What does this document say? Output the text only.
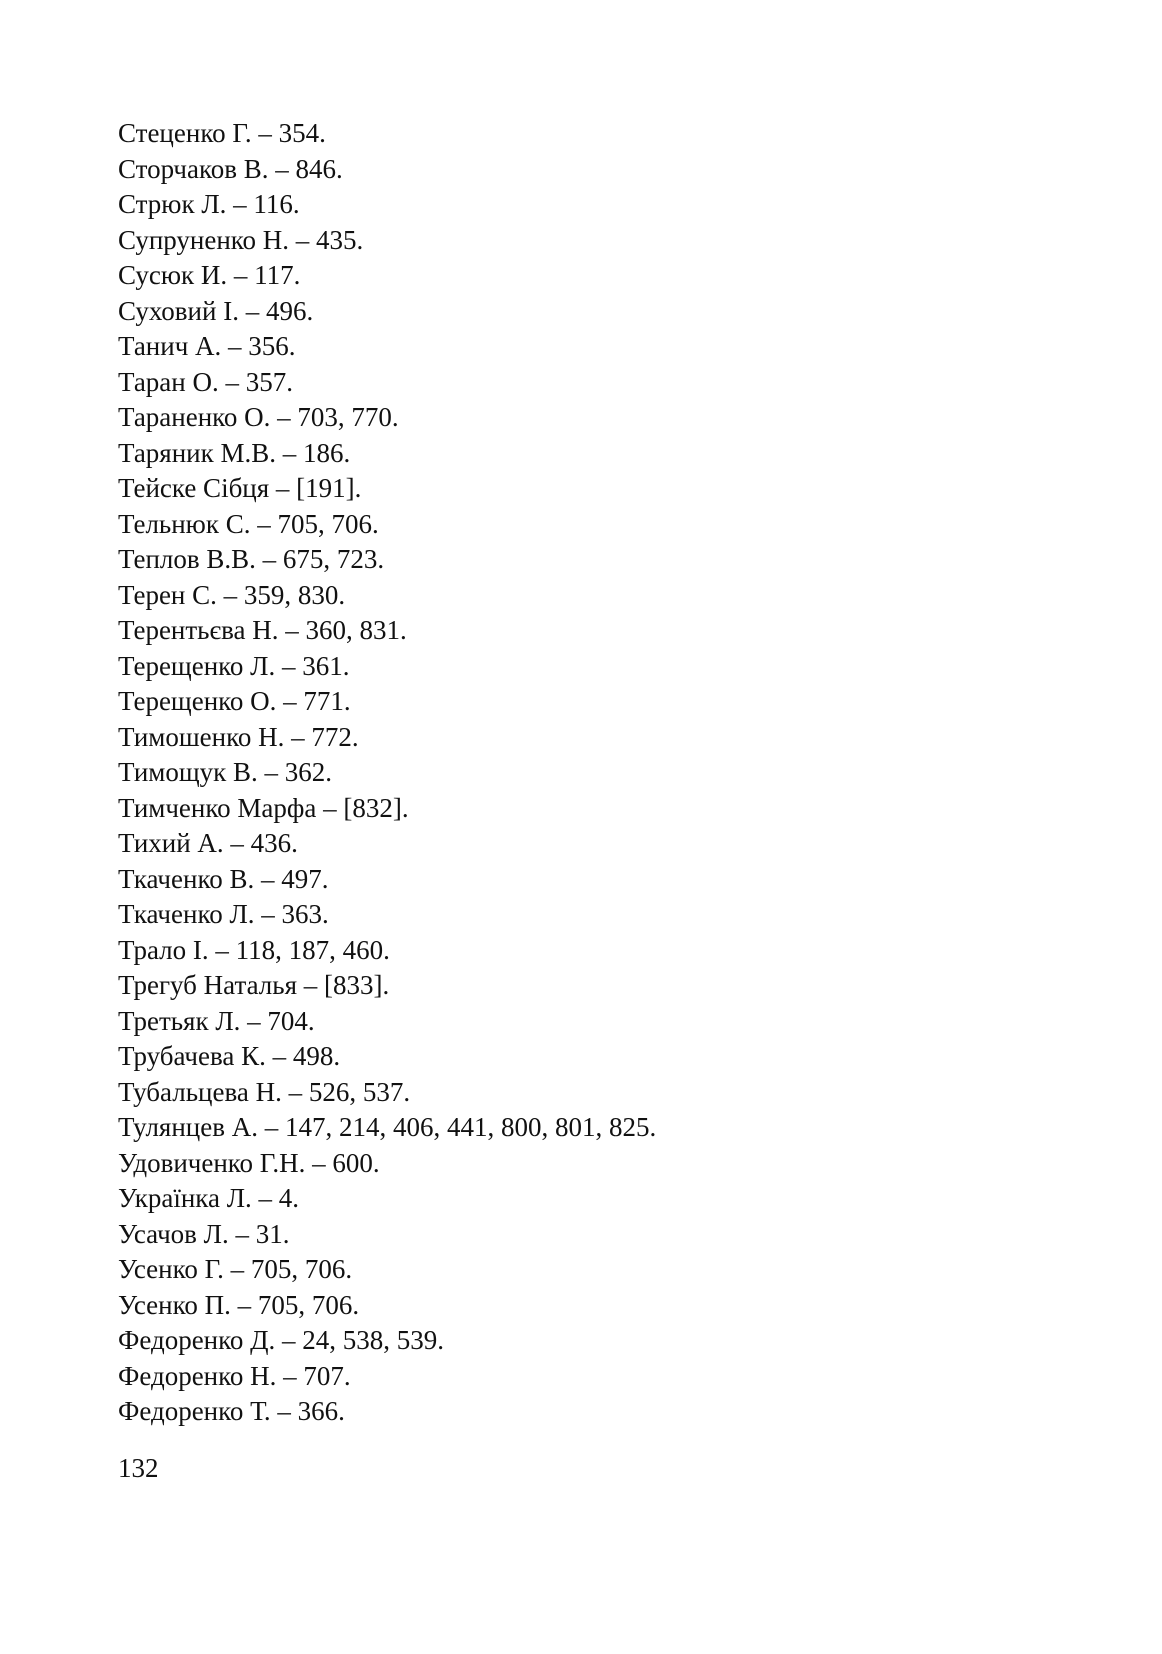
Стеценко Г. – 354.
Сторчаков В. – 846.
Стрюк Л. – 116.
Супруненко Н. – 435.
Сусюк И. – 117.
Суховий І. – 496.
Танич А. – 356.
Таран О. – 357.
Тараненко О. – 703, 770.
Таряник М.В. – 186.
Тейске Сібця – [191].
Тельнюк С. – 705, 706.
Теплов В.В. – 675, 723.
Терен С. – 359, 830.
Терентьєва Н. – 360, 831.
Терещенко Л. – 361.
Терещенко О. – 771.
Тимошенко Н. – 772.
Тимощук В. – 362.
Тимченко Марфа – [832].
Тихий А. – 436.
Ткаченко В. – 497.
Ткаченко Л. – 363.
Трало І. – 118, 187, 460.
Трегуб Наталья – [833].
Третьяк Л. – 704.
Трубачева К. – 498.
Тубальцева Н. – 526, 537.
Тулянцев А. – 147, 214, 406, 441, 800, 801, 825.
Удовиченко Г.Н. – 600.
Українка Л. – 4.
Усачов Л. – 31.
Усенко Г. – 705, 706.
Усенко П. – 705, 706.
Федоренко Д. – 24, 538, 539.
Федоренко Н. – 707.
Федоренко Т. – 366.
132
